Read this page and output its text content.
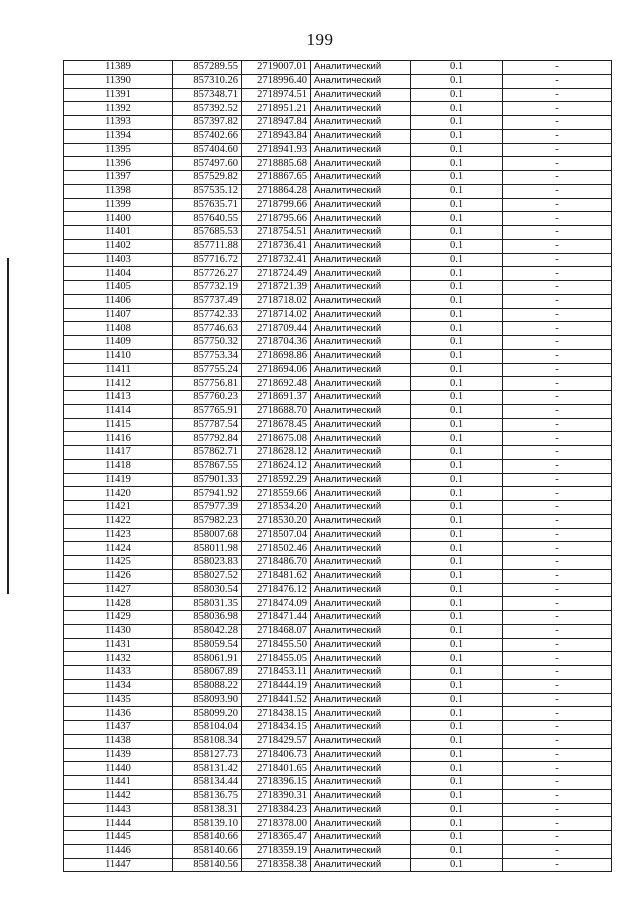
199
11389	857289.55	2719007.01	Аналитический	0.1	-
11390	857310.26	2718996.40	Аналитический	0.1	-
11391	857348.71	2718974.51	Аналитический	0.1	-
11392	857392.52	2718951.21	Аналитический	0.1	-
11393	857397.82	2718947.84	Аналитический	0.1	-
11394	857402.66	2718943.84	Аналитический	0.1	-
11395	857404.60	2718941.93	Аналитический	0.1	-
11396	857497.60	2718885.68	Аналитический	0.1	-
11397	857529.82	2718867.65	Аналитический	0.1	-
11398	857535.12	2718864.28	Аналитический	0.1	-
11399	857635.71	2718799.66	Аналитический	0.1	-
11400	857640.55	2718795.66	Аналитический	0.1	-
11401	857685.53	2718754.51	Аналитический	0.1	-
11402	857711.88	2718736.41	Аналитический	0.1	-
11403	857716.72	2718732.41	Аналитический	0.1	-
11404	857726.27	2718724.49	Аналитический	0.1	-
11405	857732.19	2718721.39	Аналитический	0.1	-
11406	857737.49	2718718.02	Аналитический	0.1	-
11407	857742.33	2718714.02	Аналитический	0.1	-
11408	857746.63	2718709.44	Аналитический	0.1	-
11409	857750.32	2718704.36	Аналитический	0.1	-
11410	857753.34	2718698.86	Аналитический	0.1	-
11411	857755.24	2718694.06	Аналитический	0.1	-
11412	857756.81	2718692.48	Аналитический	0.1	-
11413	857760.23	2718691.37	Аналитический	0.1	-
11414	857765.91	2718688.70	Аналитический	0.1	-
11415	857787.54	2718678.45	Аналитический	0.1	-
11416	857792.84	2718675.08	Аналитический	0.1	-
11417	857862.71	2718628.12	Аналитический	0.1	-
11418	857867.55	2718624.12	Аналитический	0.1	-
11419	857901.33	2718592.29	Аналитический	0.1	-
11420	857941.92	2718559.66	Аналитический	0.1	-
11421	857977.39	2718534.20	Аналитический	0.1	-
11422	857982.23	2718530.20	Аналитический	0.1	-
11423	858007.68	2718507.04	Аналитический	0.1	-
11424	858011.98	2718502.46	Аналитический	0.1	-
11425	858023.83	2718486.70	Аналитический	0.1	-
11426	858027.52	2718481.62	Аналитический	0.1	-
11427	858030.54	2718476.12	Аналитический	0.1	-
11428	858031.35	2718474.09	Аналитический	0.1	-
11429	858036.98	2718471.44	Аналитический	0.1	-
11430	858042.28	2718468.07	Аналитический	0.1	-
11431	858059.54	2718455.50	Аналитический	0.1	-
11432	858061.91	2718455.05	Аналитический	0.1	-
11433	858067.89	2718453.11	Аналитический	0.1	-
11434	858088.22	2718444.19	Аналитический	0.1	-
11435	858093.90	2718441.52	Аналитический	0.1	-
11436	858099.20	2718438.15	Аналитический	0.1	-
11437	858104.04	2718434.15	Аналитический	0.1	-
11438	858108.34	2718429.57	Аналитический	0.1	-
11439	858127.73	2718406.73	Аналитический	0.1	-
11440	858131.42	2718401.65	Аналитический	0.1	-
11441	858134.44	2718396.15	Аналитический	0.1	-
11442	858136.75	2718390.31	Аналитический	0.1	-
11443	858138.31	2718384.23	Аналитический	0.1	-
11444	858139.10	2718378.00	Аналитический	0.1	-
11445	858140.66	2718365.47	Аналитический	0.1	-
11446	858140.66	2718359.19	Аналитический	0.1	-
11447	858140.56	2718358.38	Аналитический	0.1	-
